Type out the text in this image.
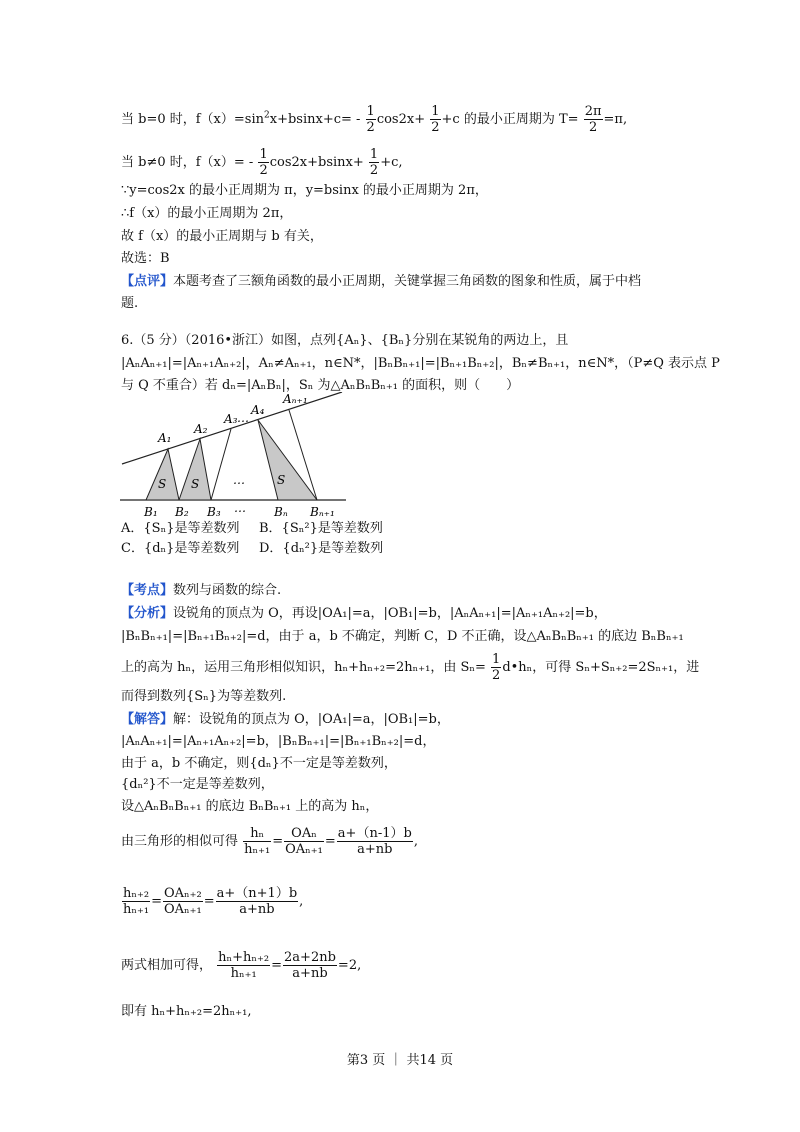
当 b=0 时，$f(x)=\sin^2x+bsinx+c= - \frac{1}{2} \cos 2x+ \frac{1}{2} +c$ 的最小正周期为 $T= \frac{2\pi}{2} =\pi$,
当 b≠0 时，$f(x)= - \frac{1}{2} \cos 2x+bsinx+ \frac{1}{2} +c$,
∵y=cos2x 的最小正周期为 π，y=bsinx 的最小正周期为 2π，
∴f（x）的最小正周期为 2π，
故 f（x）的最小正周期与 b 有关，
故选：B
【点评】本题考查了三额角函数的最小正周期，关键掌握三角函数的图象和性质，属于中档
题.
6.（5 分）（2016•浙江）如图，点列{Aₙ}、{Bₙ}分别在某锐角的两边上，且
|AₙAₙ₊₁|=|Aₙ₊₁Aₙ₊₂|，Aₙ≠Aₙ₊₁，n∈N*，|BₙBₙ₊₁|=|Bₙ₊₁Bₙ₊₂|，Bₙ≠Bₙ₊₁，n∈N*，（P≠Q 表示点 P
与 Q 不重合）若 dₙ=|AₙBₙ|，Sₙ 为△AₙBₙBₙ₊₁ 的面积，则（　　）
A₁
A₂
A₃ …
A₄
Aₙ₊₁
S S	S
…
B₁ B₂ B₃ … Bₙ Bₙ₊₁
A．{Sₙ}是等差数列 B．{Sₙ²}是等差数列
C．{dₙ}是等差数列 D．{dₙ²}是等差数列
【考点】数列与函数的综合.
【分析】设锐角的顶点为 O，再设|OA₁|=a，|OB₁|=b，|AₙAₙ₊₁|=|Aₙ₊₁Aₙ₊₂|=b，
|BₙBₙ₊₁|=|Bₙ₊₁Bₙ₊₂|=d，由于 a，b 不确定，判断 C，D 不正确，设△AₙBₙBₙ₊₁ 的底边 BₙBₙ₊₁
上的高为 hₙ，运用三角形相似知识，hₙ+hₙ₊₂=2hₙ₊₁，由 $S_n= \frac{1}{2}$ d•hₙ，可得 Sₙ+Sₙ₊₂=2Sₙ₊₁，进
而得到数列{Sₙ}为等差数列.
【解答】解：设锐角的顶点为 O，|OA₁|=a，|OB₁|=b，
|AₙAₙ₊₁|=|Aₙ₊₁Aₙ₊₂|=b，|BₙBₙ₊₁|=|Bₙ₊₁Bₙ₊₂|=d，
由于 a，b 不确定，则{dₙ}不一定是等差数列，
{dₙ²}不一定是等差数列，
设△AₙBₙBₙ₊₁ 的底边 BₙBₙ₊₁ 上的高为 hₙ，
由三角形的相似可得 $\frac{\text{hₙ}}{\text{hₙ₊₁}} = \frac{\text{OAₙ}}{\text{OAₙ₊₁}} = \frac{a+(n-1)b}{a+nb}$ ,
$\frac{\text{hₙ₊₂}}{\text{hₙ₊₁}} = \frac{\text{OAₙ₊₂}}{\text{OAₙ₊₁}} = \frac{a+(n+1)b}{a+nb}$ ,
两式相加可得， $\frac{\text{hₙ+hₙ₊₂}}{\text{hₙ₊₁}} = \frac{2a+2nb}{a+nb} =2$,
即有 hₙ+hₙ₊₂=2hₙ₊₁,
第3 页 ｜ 共14 页
